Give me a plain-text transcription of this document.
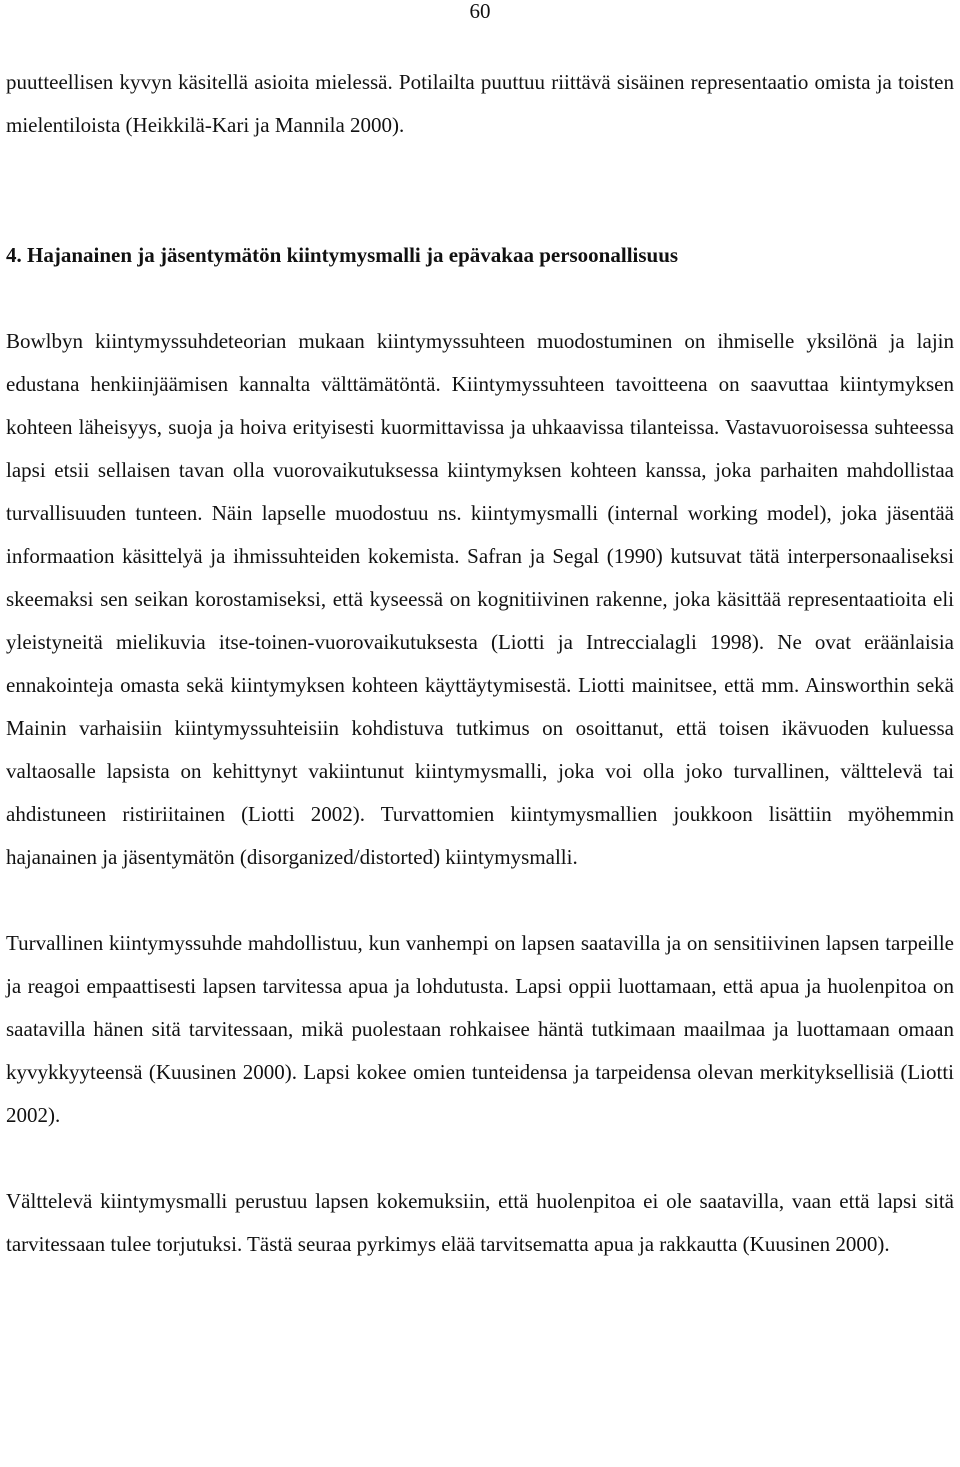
60

puutteellisen kyvyn käsitellä asioita mielessä. Potilailta puuttuu riittävä sisäinen representaatio omista ja toisten mielentiloista (Heikkilä-Kari ja Mannila 2000).

4. Hajanainen ja jäsentymätön kiintymysmalli ja epävakaa persoonallisuus

Bowlbyn kiintymyssuhdeteorian mukaan kiintymyssuhteen muodostuminen on ihmiselle yksilönä ja lajin edustana henkiinjäämisen kannalta välttämätöntä. Kiintymyssuhteen tavoitteena on saavuttaa kiintymyksen kohteen läheisyys, suoja ja hoiva erityisesti kuormittavissa ja uhkaavissa tilanteissa. Vastavuoroisessa suhteessa lapsi etsii sellaisen tavan olla vuorovaikutuksessa kiintymyksen kohteen kanssa, joka parhaiten mahdollistaa turvallisuuden tunteen. Näin lapselle muodostuu ns. kiintymysmalli (internal working model), joka jäsentää informaation käsittelyä ja ihmissuhteiden kokemista. Safran ja Segal (1990) kutsuvat tätä interpersonaaliseksi skeemaksi sen seikan korostamiseksi, että kyseessä on kognitiivinen rakenne, joka käsittää representaatioita eli yleistyneitä mielikuvia itse-toinen-vuorovaikutuksesta (Liotti ja Intreccialagli 1998). Ne ovat eräänlaisia ennakointeja omasta sekä kiintymyksen kohteen käyttäytymisestä. Liotti mainitsee, että mm. Ainsworthin sekä Mainin varhaisiin kiintymyssuhteisiin kohdistuva tutkimus on osoittanut, että toisen ikävuoden kuluessa valtaosalle lapsista on kehittynyt vakiintunut kiintymysmalli, joka voi olla joko turvallinen, välttelevä tai ahdistuneen ristiriitainen (Liotti 2002). Turvattomien kiintymysmallien joukkoon lisättiin myöhemmin hajanainen ja jäsentymätön (disorganized/distorted) kiintymysmalli.

Turvallinen kiintymyssuhde mahdollistuu, kun vanhempi on lapsen saatavilla ja on sensitiivinen lapsen tarpeille ja reagoi empaattisesti lapsen tarvitessa apua ja lohdutusta. Lapsi oppii luottamaan, että apua ja huolenpitoa on saatavilla hänen sitä tarvitessaan, mikä puolestaan rohkaisee häntä tutkimaan maailmaa ja luottamaan omaan kyvykkyyteensä (Kuusinen 2000). Lapsi kokee omien tunteidensa ja tarpeidensa olevan merkityksellisiä (Liotti 2002).

Välttelevä kiintymysmalli perustuu lapsen kokemuksiin, että huolenpitoa ei ole saatavilla, vaan että lapsi sitä tarvitessaan tulee torjutuksi. Tästä seuraa pyrkimys elää tarvitsematta apua ja rakkautta (Kuusinen 2000).
